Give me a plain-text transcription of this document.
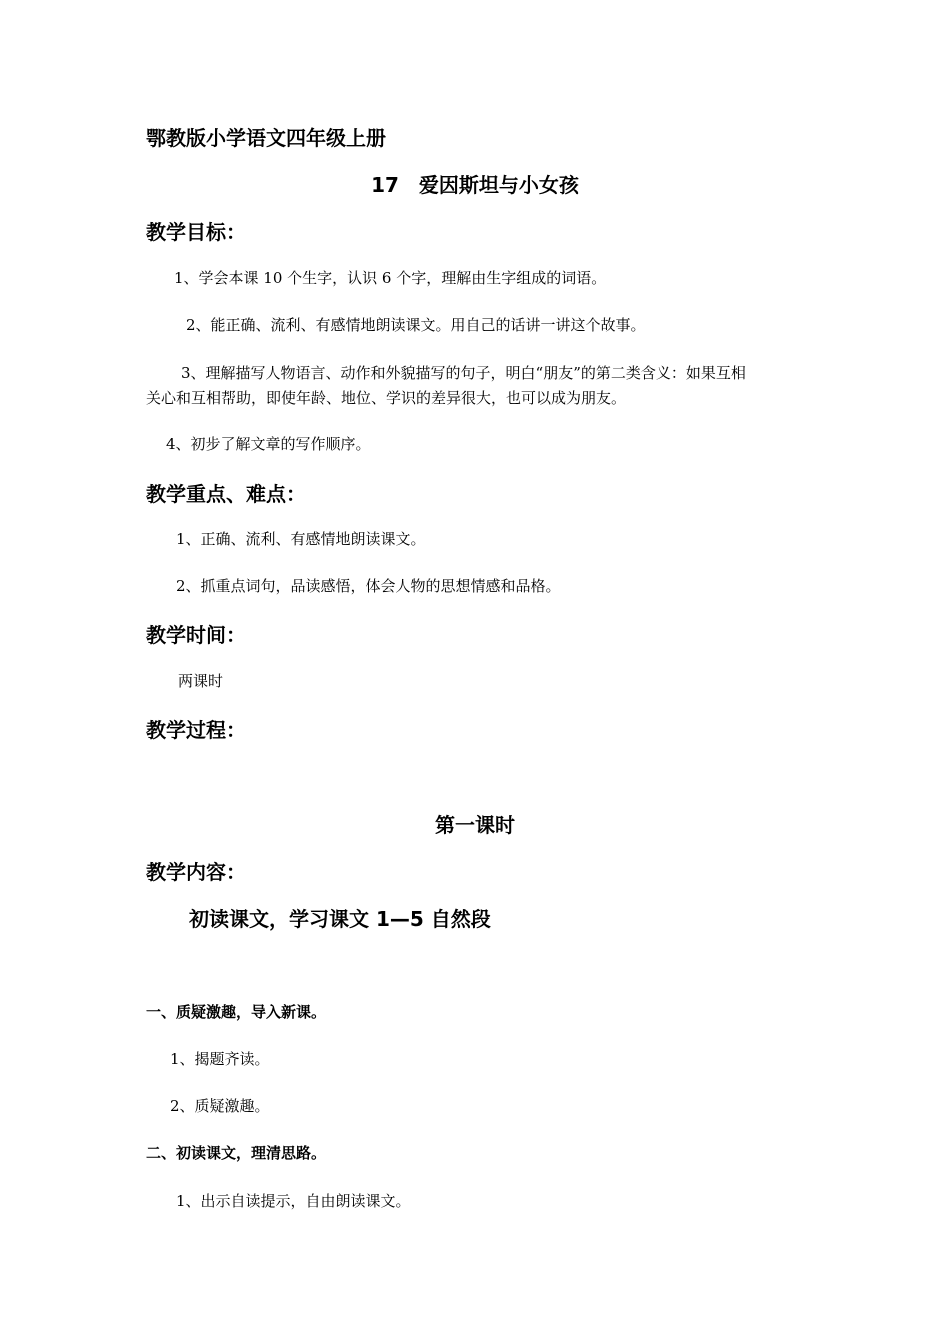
鄂教版小学语文四年级上册

17　爱因斯坦与小女孩

教学目标：

1、学会本课 10 个生字，认识 6 个字，理解由生字组成的词语。

2、能正确、流利、有感情地朗读课文。用自己的话讲一讲这个故事。

3、理解描写人物语言、动作和外貌描写的句子，明白“朋友”的第二类含义：如果互相

关心和互相帮助，即使年龄、地位、学识的差异很大，也可以成为朋友。

4、初步了解文章的写作顺序。

教学重点、难点：

1、正确、流利、有感情地朗读课文。

2、抓重点词句，品读感悟，体会人物的思想情感和品格。

教学时间：

两课时

教学过程：

第一课时

教学内容：

初读课文，学习课文 1—5 自然段

一、质疑激趣，导入新课。

1、揭题齐读。

2、质疑激趣。

二、初读课文，理清思路。

1、出示自读提示，自由朗读课文。
